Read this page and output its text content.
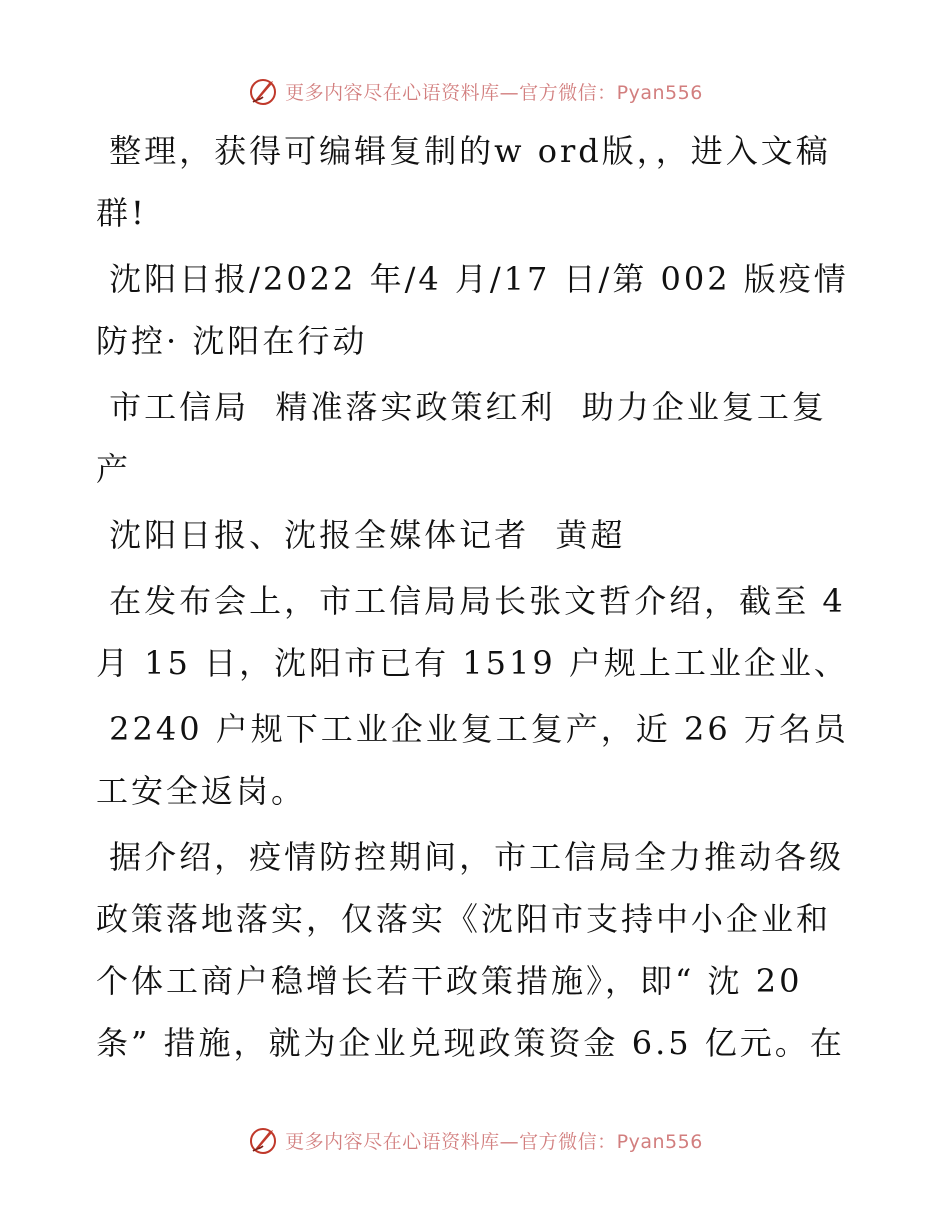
更多内容尽在心语资料库—官方微信：Pyan556

整理，获得可编辑复制的w ord版，，进入文稿群!

沈阳日报/2022 年/4 月/17 日/第 002 版疫情防控· 沈阳在行动

市工信局  精准落实政策红利  助力企业复工复产

沈阳日报、沈报全媒体记者  黄超

在发布会上，市工信局局长张文哲介绍，截至 4 月 15 日，沈阳市已有 1519 户规上工业企业、

2240 户规下工业企业复工复产，近 26 万名员工安全返岗。

据介绍，疫情防控期间，市工信局全力推动各级政策落地落实，仅落实《沈阳市支持中小企业和个体工商户稳增长若干政策措施》，即“ 沈 20 条” 措施，就为企业兑现政策资金 6.5 亿元。在

更多内容尽在心语资料库—官方微信：Pyan556
